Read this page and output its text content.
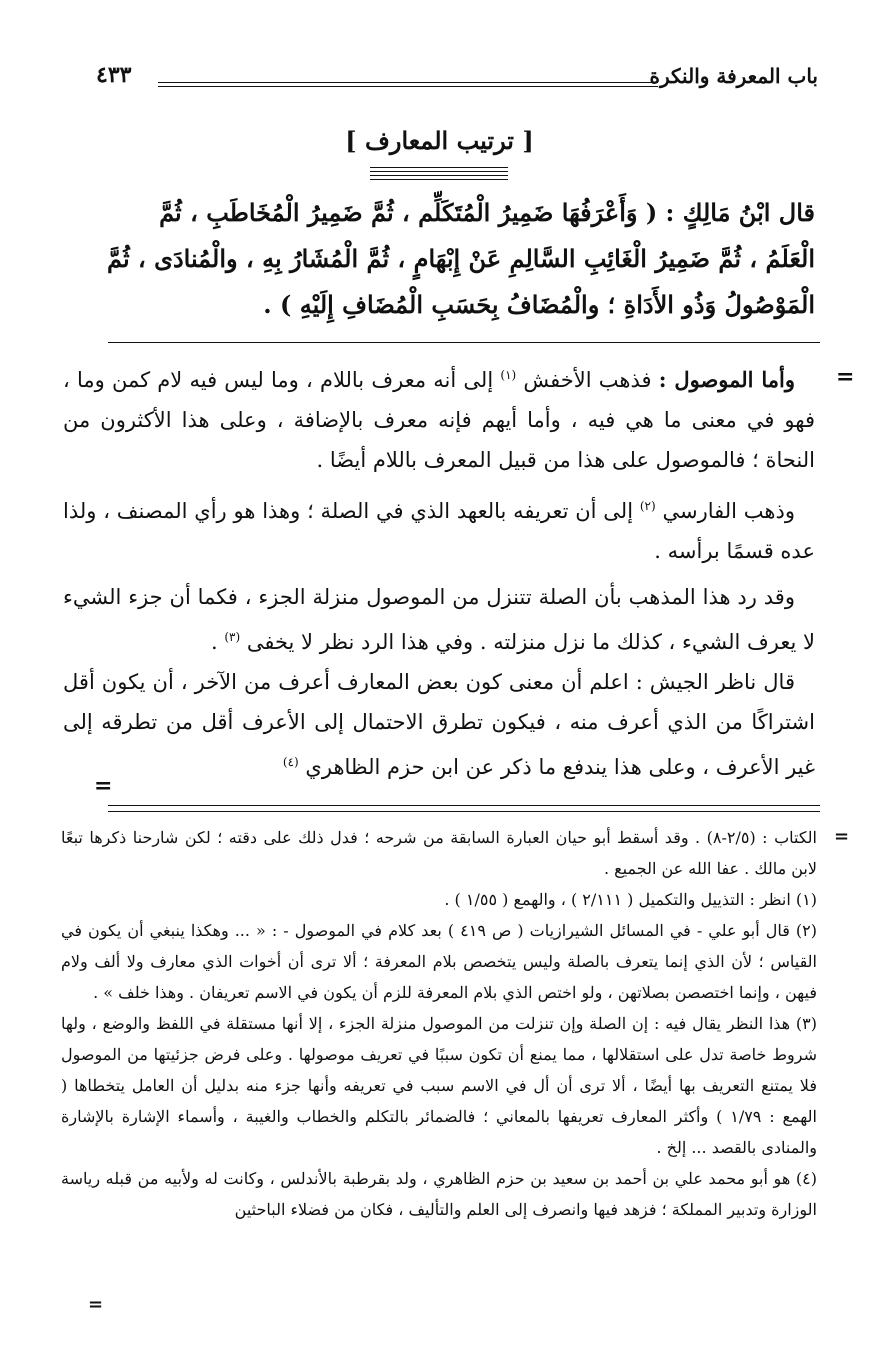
باب المعرفة والنكرة
٤٣٣
[ ترتيب المعارف ]

قال ابْنُ مَالِكٍ : ( وَأَعْرَفُهَا ضَمِيرُ الْمُتَكَلِّم ، ثُمَّ ضَمِيرُ الْمُخَاطَبِ ، ثُمَّ

الْعَلَمُ ، ثُمَّ ضَمِيرُ الْغَائِبِ السَّالِمِ عَنْ إِبْهَامٍ ، ثُمَّ الْمُشَارُ بِهِ ، والْمُنادَى ، ثُمَّ

الْمَوْصُولُ وَذُو الأَدَاةِ ؛ والْمُضَافُ بِحَسَبِ الْمُضَافِ إِلَيْهِ ) .

=

وأما الموصول : فذهب الأخفش $^{(١)}$ إلى أنه معرف باللام ، وما ليس فيه لام كمن وما ، فهو في معنى ما هي فيه ، وأما أيهم فإنه معرف بالإضافة ، وعلى هذا الأكثرون من النحاة ؛ فالموصول على هذا من قبيل المعرف باللام أيضًا .

وذهب الفارسي $^{(٢)}$ إلى أن تعريفه بالعهد الذي في الصلة ؛ وهذا هو رأي المصنف ، ولذا عده قسمًا برأسه .

وقد رد هذا المذهب بأن الصلة تتنزل من الموصول منزلة الجزء ، فكما أن جزء الشيء لا يعرف الشيء ، كذلك ما نزل منزلته . وفي هذا الرد نظر لا يخفى $^{(٣)}$ .

قال ناظر الجيش : اعلم أن معنى كون بعض المعارف أعرف من الآخر ، أن يكون أقل اشتراكًا من الذي أعرف منه ، فيكون تطرق الاحتمال إلى الأعرف أقل من تطرقه إلى غير الأعرف ، وعلى هذا يندفع ما ذكر عن ابن حزم الظاهري $^{(٤)}$

=
=

الكتاب : (٢/٥-٨) . وقد أسقط أبو حيان العبارة السابقة من شرحه ؛ فدل ذلك على دقته ؛ لكن شارحنا ذكرها تبعًا لابن مالك . عفا الله عن الجميع .

(١) انظر : التذييل والتكميل ( ٢/١١١ ) ، والهمع ( ١/٥٥ ) .

(٢) قال أبو علي - في المسائل الشيرازيات ( ص ٤١٩ ) بعد كلام في الموصول - : « ... وهكذا ينبغي أن يكون في القياس ؛ لأن الذي إنما يتعرف بالصلة وليس يتخصص بلام المعرفة ؛ ألا ترى أن أخوات الذي معارف ولا ألف ولام فيهن ، وإنما اختصصن بصلاتهن ، ولو اختص الذي بلام المعرفة للزم أن يكون في الاسم تعريفان . وهذا خلف » .

(٣) هذا النظر يقال فيه : إن الصلة وإن تنزلت من الموصول منزلة الجزء ، إلا أنها مستقلة في اللفظ والوضع ، ولها شروط خاصة تدل على استقلالها ، مما يمنع أن تكون سببًا في تعريف موصولها . وعلى فرض جزئيتها من الموصول فلا يمتنع التعريف بها أيضًا ، ألا ترى أن أل في الاسم سبب في تعريفه وأنها جزء منه بدليل أن العامل يتخطاها ( الهمع : ١/٧٩ ) وأكثر المعارف تعريفها بالمعاني ؛ فالضمائر بالتكلم والخطاب والغيبة ، وأسماء الإشارة بالإشارة والمنادى بالقصد ... إلخ .

(٤) هو أبو محمد علي بن أحمد بن سعيد بن حزم الظاهري ، ولد بقرطبة بالأندلس ، وكانت له ولأبيه من قبله رياسة الوزارة وتدبير المملكة ؛ فزهد فيها وانصرف إلى العلم والتأليف ، فكان من فضلاء الباحثين

=
